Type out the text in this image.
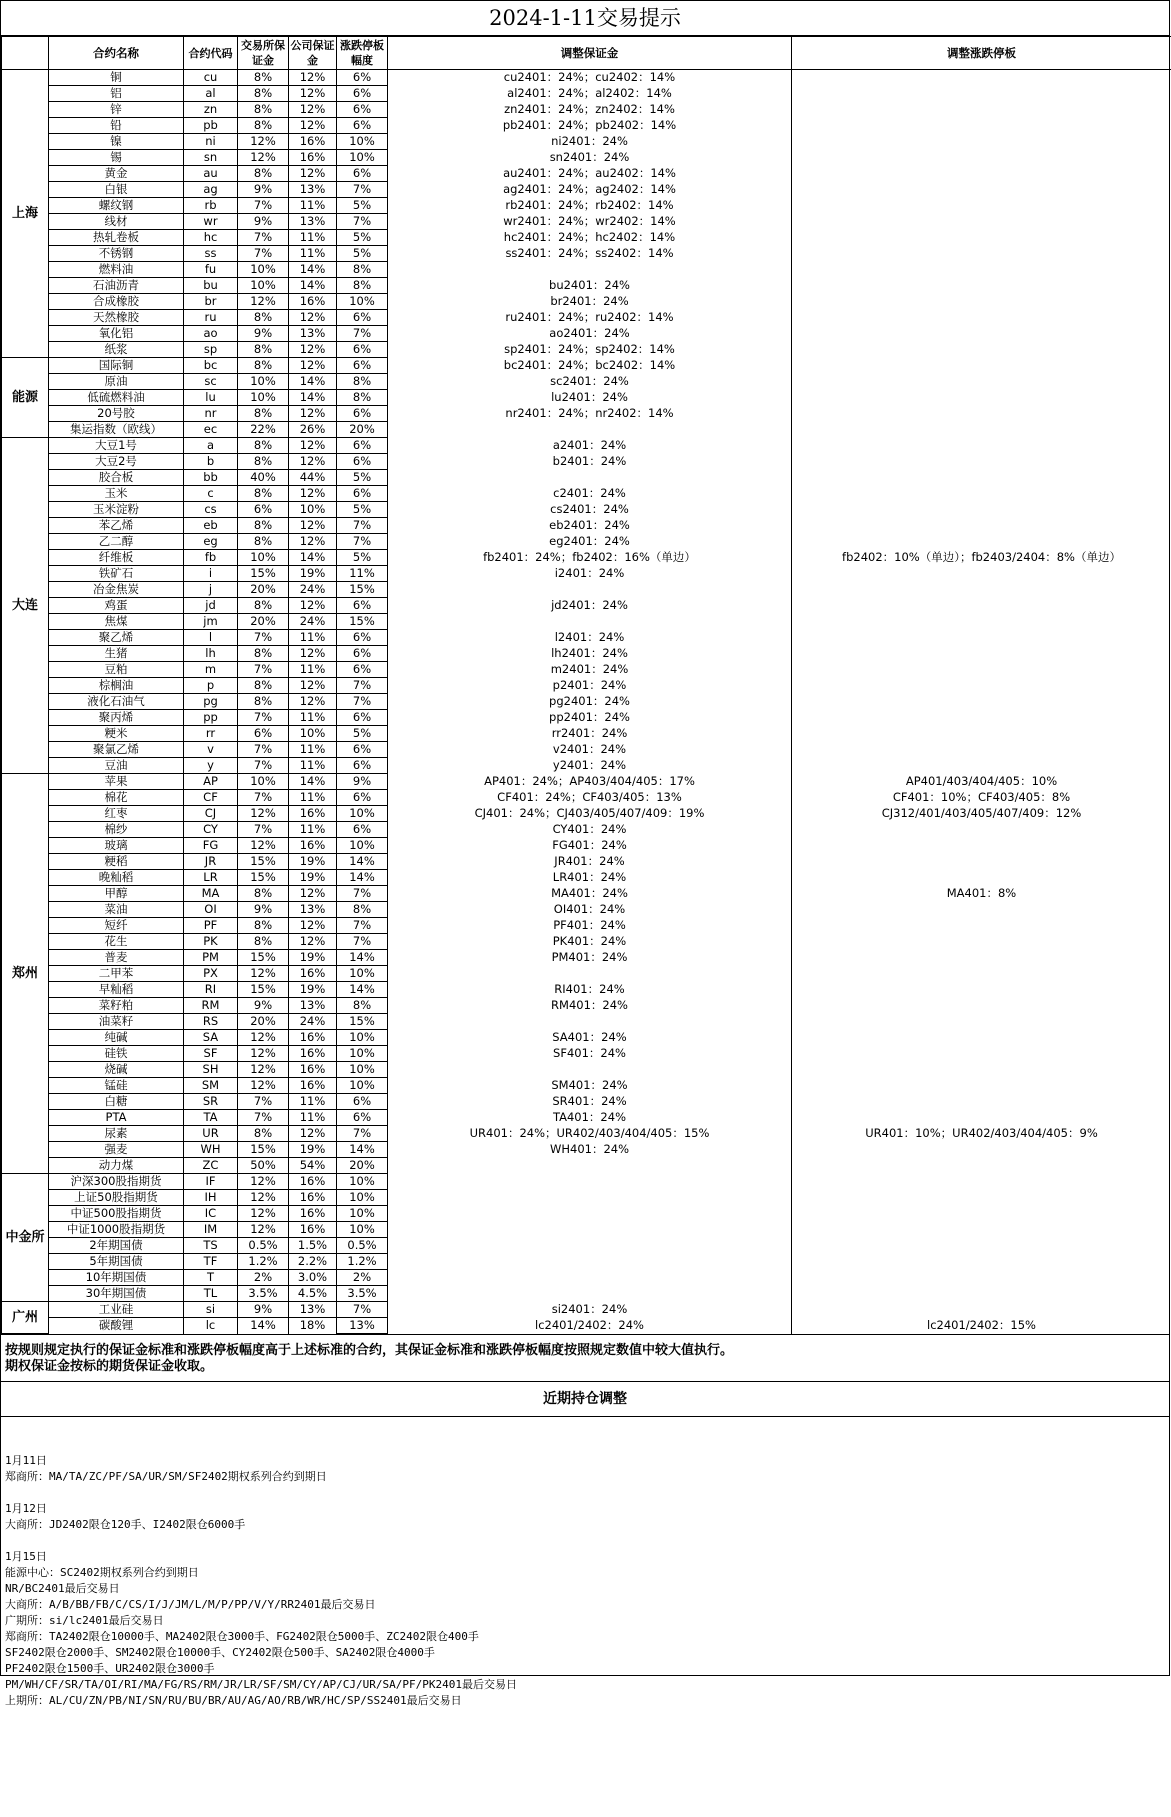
2024-1-11交易提示
	合约名称	合约代码	交易所保证金	公司保证金	涨跌停板幅度	调整保证金	调整涨跌停板
上海	铜	cu	8%	12%	6%	cu2401：24%；cu2402：14%	
	铝	al	8%	12%	6%	al2401：24%；al2402：14%	
	锌	zn	8%	12%	6%	zn2401：24%；zn2402：14%	
	铅	pb	8%	12%	6%	pb2401：24%；pb2402：14%	
	镍	ni	12%	16%	10%	ni2401：24%	
	锡	sn	12%	16%	10%	sn2401：24%	
	黄金	au	8%	12%	6%	au2401：24%；au2402：14%	
	白银	ag	9%	13%	7%	ag2401：24%；ag2402：14%	
	螺纹钢	rb	7%	11%	5%	rb2401：24%；rb2402：14%	
	线材	wr	9%	13%	7%	wr2401：24%；wr2402：14%	
	热轧卷板	hc	7%	11%	5%	hc2401：24%；hc2402：14%	
	不锈钢	ss	7%	11%	5%	ss2401：24%；ss2402：14%	
	燃料油	fu	10%	14%	8%		
	石油沥青	bu	10%	14%	8%	bu2401：24%	
	合成橡胶	br	12%	16%	10%	br2401：24%	
	天然橡胶	ru	8%	12%	6%	ru2401：24%；ru2402：14%	
	氧化铝	ao	9%	13%	7%	ao2401：24%	
	纸浆	sp	8%	12%	6%	sp2401：24%；sp2402：14%	
能源	国际铜	bc	8%	12%	6%	bc2401：24%；bc2402：14%	
	原油	sc	10%	14%	8%	sc2401：24%	
	低硫燃料油	lu	10%	14%	8%	lu2401：24%	
	20号胶	nr	8%	12%	6%	nr2401：24%；nr2402：14%	
	集运指数（欧线）	ec	22%	26%	20%		
大连	大豆1号	a	8%	12%	6%	a2401：24%	
	大豆2号	b	8%	12%	6%	b2401：24%	
	胶合板	bb	40%	44%	5%		
	玉米	c	8%	12%	6%	c2401：24%	
	玉米淀粉	cs	6%	10%	5%	cs2401：24%	
	苯乙烯	eb	8%	12%	7%	eb2401：24%	
	乙二醇	eg	8%	12%	7%	eg2401：24%	
	纤维板	fb	10%	14%	5%	fb2401：24%；fb2402：16%（单边）	fb2402：10%（单边）；fb2403/2404：8%（单边）
	铁矿石	i	15%	19%	11%	i2401：24%	
	冶金焦炭	j	20%	24%	15%		
	鸡蛋	jd	8%	12%	6%	jd2401：24%	
	焦煤	jm	20%	24%	15%		
	聚乙烯	l	7%	11%	6%	l2401：24%	
	生猪	lh	8%	12%	6%	lh2401：24%	
	豆粕	m	7%	11%	6%	m2401：24%	
	棕榈油	p	8%	12%	7%	p2401：24%	
	液化石油气	pg	8%	12%	7%	pg2401：24%	
	聚丙烯	pp	7%	11%	6%	pp2401：24%	
	粳米	rr	6%	10%	5%	rr2401：24%	
	聚氯乙烯	v	7%	11%	6%	v2401：24%	
	豆油	y	7%	11%	6%	y2401：24%	
郑州	苹果	AP	10%	14%	9%	AP401：24%；AP403/404/405：17%	AP401/403/404/405：10%
	棉花	CF	7%	11%	6%	CF401：24%；CF403/405：13%	CF401：10%；CF403/405：8%
	红枣	CJ	12%	16%	10%	CJ401：24%；CJ403/405/407/409：19%	CJ312/401/403/405/407/409：12%
	棉纱	CY	7%	11%	6%	CY401：24%	
	玻璃	FG	12%	16%	10%	FG401：24%	
	粳稻	JR	15%	19%	14%	JR401：24%	
	晚籼稻	LR	15%	19%	14%	LR401：24%	
	甲醇	MA	8%	12%	7%	MA401：24%	MA401：8%
	菜油	OI	9%	13%	8%	OI401：24%	
	短纤	PF	8%	12%	7%	PF401：24%	
	花生	PK	8%	12%	7%	PK401：24%	
	普麦	PM	15%	19%	14%	PM401：24%	
	二甲苯	PX	12%	16%	10%		
	早籼稻	RI	15%	19%	14%	RI401：24%	
	菜籽粕	RM	9%	13%	8%	RM401：24%	
	油菜籽	RS	20%	24%	15%		
	纯碱	SA	12%	16%	10%	SA401：24%	
	硅铁	SF	12%	16%	10%	SF401：24%	
	烧碱	SH	12%	16%	10%		
	锰硅	SM	12%	16%	10%	SM401：24%	
	白糖	SR	7%	11%	6%	SR401：24%	
	PTA	TA	7%	11%	6%	TA401：24%	
	尿素	UR	8%	12%	7%	UR401：24%；UR402/403/404/405：15%	UR401：10%；UR402/403/404/405：9%
	强麦	WH	15%	19%	14%	WH401：24%	
	动力煤	ZC	50%	54%	20%		
中金所	沪深300股指期货	IF	12%	16%	10%		
	上证50股指期货	IH	12%	16%	10%		
	中证500股指期货	IC	12%	16%	10%		
	中证1000股指期货	IM	12%	16%	10%		
	2年期国债	TS	0.5%	1.5%	0.5%		
	5年期国债	TF	1.2%	2.2%	1.2%		
	10年期国债	T	2%	3.0%	2%		
	30年期国债	TL	3.5%	4.5%	3.5%		
广州	工业硅	si	9%	13%	7%	si2401：24%	
	碳酸锂	lc	14%	18%	13%	lc2401/2402：24%	lc2401/2402：15%
按规则规定执行的保证金标准和涨跌停板幅度高于上述标准的合约，其保证金标准和涨跌停板幅度按照规定数值中较大值执行。
期权保证金按标的期货保证金收取。
近期持仓调整
1月11日
郑商所：MA/TA/ZC/PF/SA/UR/SM/SF2402期权系列合约到期日
1月12日
大商所：JD2402限仓120手、I2402限仓6000手
1月15日
能源中心：SC2402期权系列合约到期日
NR/BC2401最后交易日
大商所：A/B/BB/FB/C/CS/I/J/JM/L/M/P/PP/V/Y/RR2401最后交易日
广期所：si/lc2401最后交易日
郑商所：TA2402限仓10000手、MA2402限仓3000手、FG2402限仓5000手、ZC2402限仓400手
SF2402限仓2000手、SM2402限仓10000手、CY2402限仓500手、SA2402限仓4000手
PF2402限仓1500手、UR2402限仓3000手
PM/WH/CF/SR/TA/OI/RI/MA/FG/RS/RM/JR/LR/SF/SM/CY/AP/CJ/UR/SA/PF/PK2401最后交易日
上期所：AL/CU/ZN/PB/NI/SN/RU/BU/BR/AU/AG/AO/RB/WR/HC/SP/SS2401最后交易日
